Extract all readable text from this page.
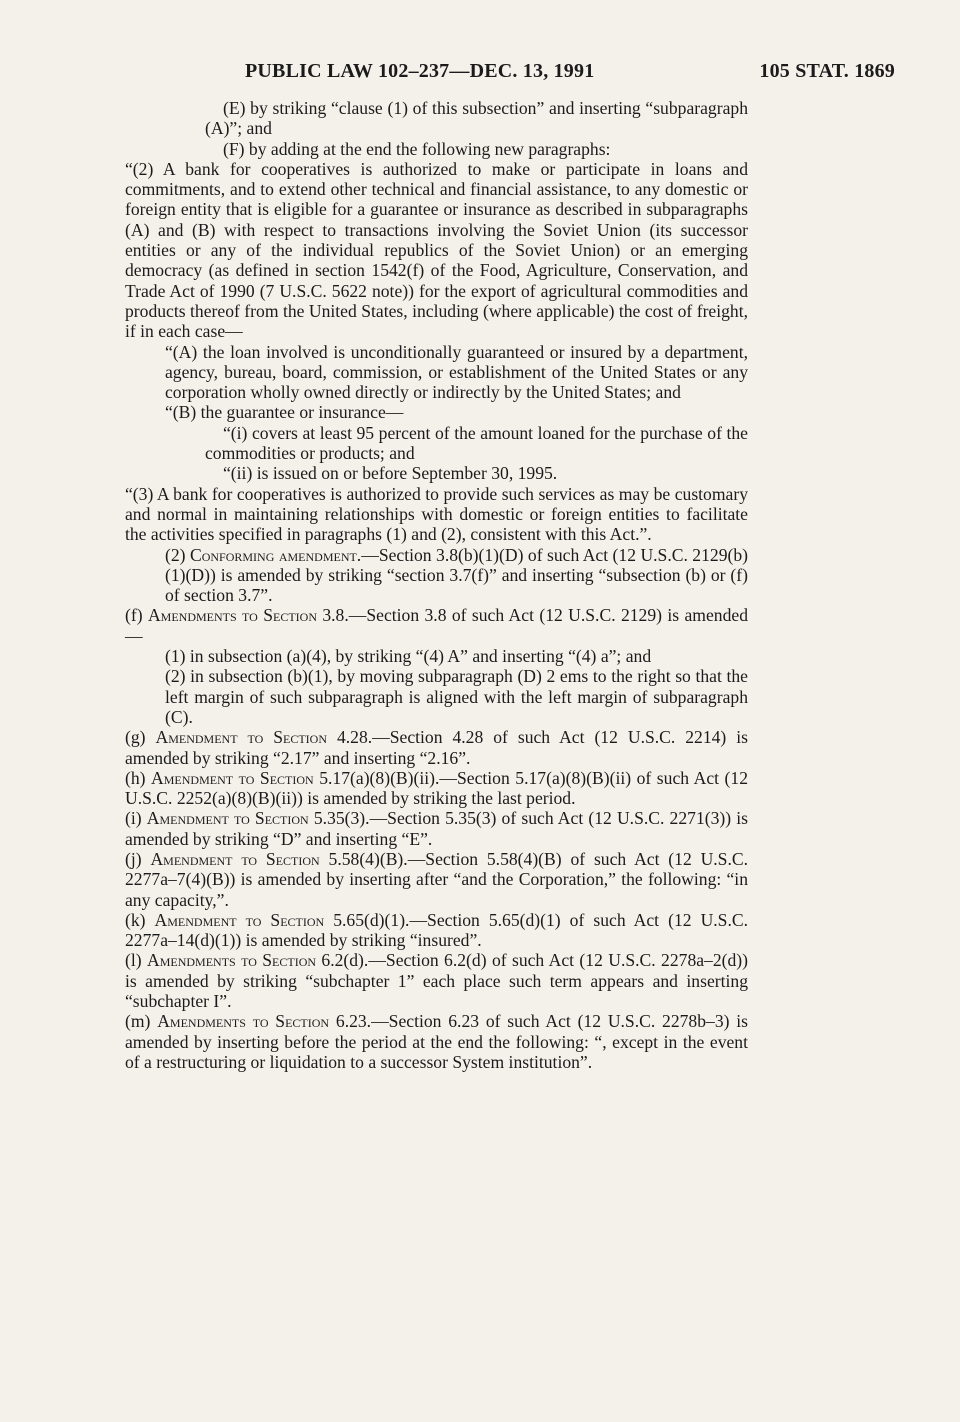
PUBLIC LAW 102–237—DEC. 13, 1991	105 STAT. 1869

(E) by striking “clause (1) of this subsection” and inserting “subparagraph (A)”; and

(F) by adding at the end the following new paragraphs:

“(2) A bank for cooperatives is authorized to make or participate in loans and commitments, and to extend other technical and financial assistance, to any domestic or foreign entity that is eligible for a guarantee or insurance as described in subparagraphs (A) and (B) with respect to transactions involving the Soviet Union (its successor entities or any of the individual republics of the Soviet Union) or an emerging democracy (as defined in section 1542(f) of the Food, Agriculture, Conservation, and Trade Act of 1990 (7 U.S.C. 5622 note)) for the export of agricultural commodities and products thereof from the United States, including (where applicable) the cost of freight, if in each case—

“(A) the loan involved is unconditionally guaranteed or insured by a department, agency, bureau, board, commission, or establishment of the United States or any corporation wholly owned directly or indirectly by the United States; and

“(B) the guarantee or insurance—

“(i) covers at least 95 percent of the amount loaned for the purchase of the commodities or products; and

“(ii) is issued on or before September 30, 1995.

“(3) A bank for cooperatives is authorized to provide such services as may be customary and normal in maintaining relationships with domestic or foreign entities to facilitate the activities specified in paragraphs (1) and (2), consistent with this Act.”.

(2) Conforming amendment.—Section 3.8(b)(1)(D) of such Act (12 U.S.C. 2129(b)(1)(D)) is amended by striking “section 3.7(f)” and inserting “subsection (b) or (f) of section 3.7”.

(f) Amendments to Section 3.8.—Section 3.8 of such Act (12 U.S.C. 2129) is amended—

(1) in subsection (a)(4), by striking “(4) A” and inserting “(4) a”; and

(2) in subsection (b)(1), by moving subparagraph (D) 2 ems to the right so that the left margin of such subparagraph is aligned with the left margin of subparagraph (C).

(g) Amendment to Section 4.28.—Section 4.28 of such Act (12 U.S.C. 2214) is amended by striking “2.17” and inserting “2.16”.

(h) Amendment to Section 5.17(a)(8)(B)(ii).—Section 5.17(a)(8)(B)(ii) of such Act (12 U.S.C. 2252(a)(8)(B)(ii)) is amended by striking the last period.

(i) Amendment to Section 5.35(3).—Section 5.35(3) of such Act (12 U.S.C. 2271(3)) is amended by striking “D” and inserting “E”.

(j) Amendment to Section 5.58(4)(B).—Section 5.58(4)(B) of such Act (12 U.S.C. 2277a–7(4)(B)) is amended by inserting after “and the Corporation,” the following: “in any capacity,”.

(k) Amendment to Section 5.65(d)(1).—Section 5.65(d)(1) of such Act (12 U.S.C. 2277a–14(d)(1)) is amended by striking “insured”.

(l) Amendments to Section 6.2(d).—Section 6.2(d) of such Act (12 U.S.C. 2278a–2(d)) is amended by striking “subchapter 1” each place such term appears and inserting “subchapter I”.

(m) Amendments to Section 6.23.—Section 6.23 of such Act (12 U.S.C. 2278b–3) is amended by inserting before the period at the end the following: “, except in the event of a restructuring or liquidation to a successor System institution”.
